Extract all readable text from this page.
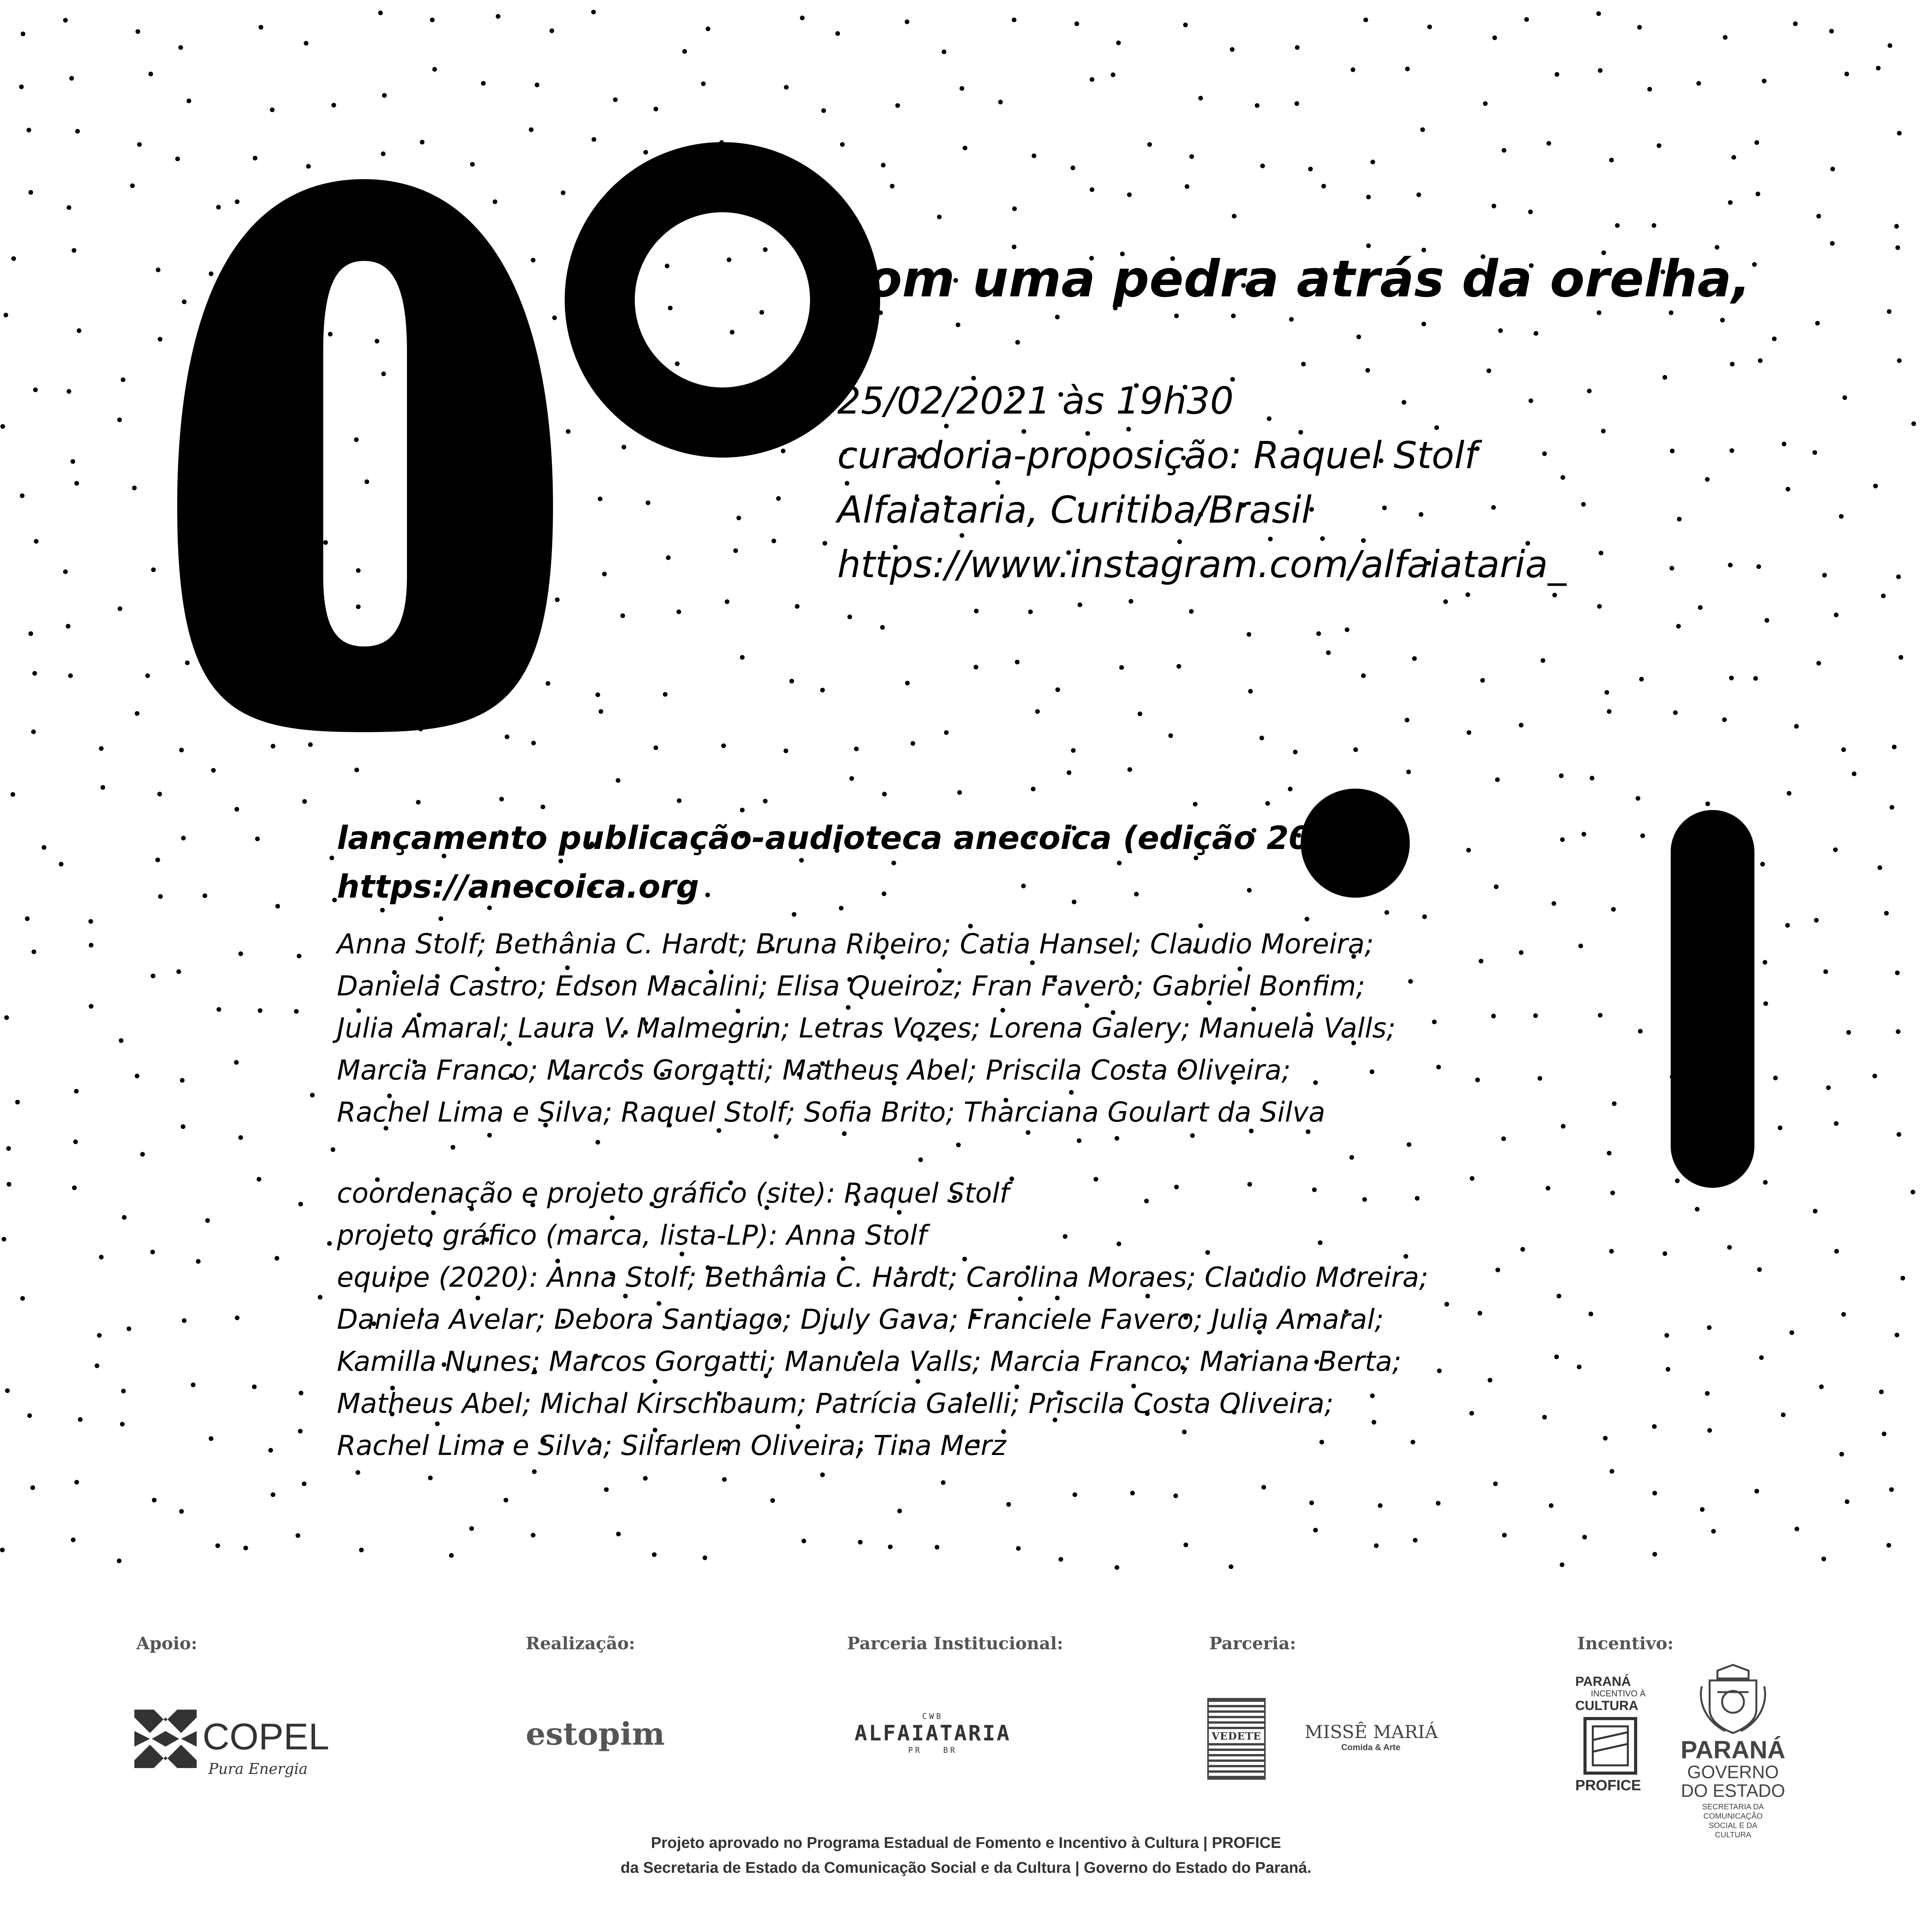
com uma pedra atrás da orelha,
25/02/2021 às 19h30
curadoria-proposição: Raquel Stolf
Alfaiataria, Curitiba/Brasil
https://www.instagram.com/alfaiataria_
lançamento publicação-audioteca anecoica (edição 2020)
https://anecoica.org
Anna Stolf; Bethânia C. Hardt; Bruna Ribeiro; Catia Hansel; Claudio Moreira;
Daniela Castro; Edson Macalini; Elisa Queiroz; Fran Favero; Gabriel Bonfim;
Julia Amaral; Laura V. Malmegrin; Letras Vozes; Lorena Galery; Manuela Valls;
Marcia Franco; Marcos Gorgatti; Matheus Abel; Priscila Costa Oliveira;
Rachel Lima e Silva; Raquel Stolf; Sofia Brito; Tharciana Goulart da Silva
coordenação e projeto gráfico (site): Raquel Stolf
projeto gráfico (marca, lista-LP): Anna Stolf
equipe (2020): Anna Stolf; Bethânia C. Hardt; Carolina Moraes; Claudio Moreira;
Daniela Avelar; Debora Santiago; Djuly Gava; Franciele Favero; Julia Amaral;
Kamilla Nunes; Marcos Gorgatti; Manuela Valls; Marcia Franco; Mariana Berta;
Matheus Abel; Michal Kirschbaum; Patrícia Galelli; Priscila Costa Oliveira;
Rachel Lima e Silva; Silfarlem Oliveira; Tina Merz
Apoio:	Realização:	Parceria Institucional:	Parceria:	Incentivo:
COPEL
Pura Energia
estopim	CWB
ALFAIATARIA
PR   BR
VEDETE MISSÊ MARIÁ
Comida & Arte
PARANÁ
INCENTIVO À
CULTURA
PROFICE
PARANÁ
GOVERNO
DO ESTADO
SECRETARIA DA
COMUNICAÇÃO
SOCIAL E DA
CULTURA
Projeto aprovado no Programa Estadual de Fomento e Incentivo à Cultura | PROFICE
da Secretaria de Estado da Comunicação Social e da Cultura | Governo do Estado do Paraná.
